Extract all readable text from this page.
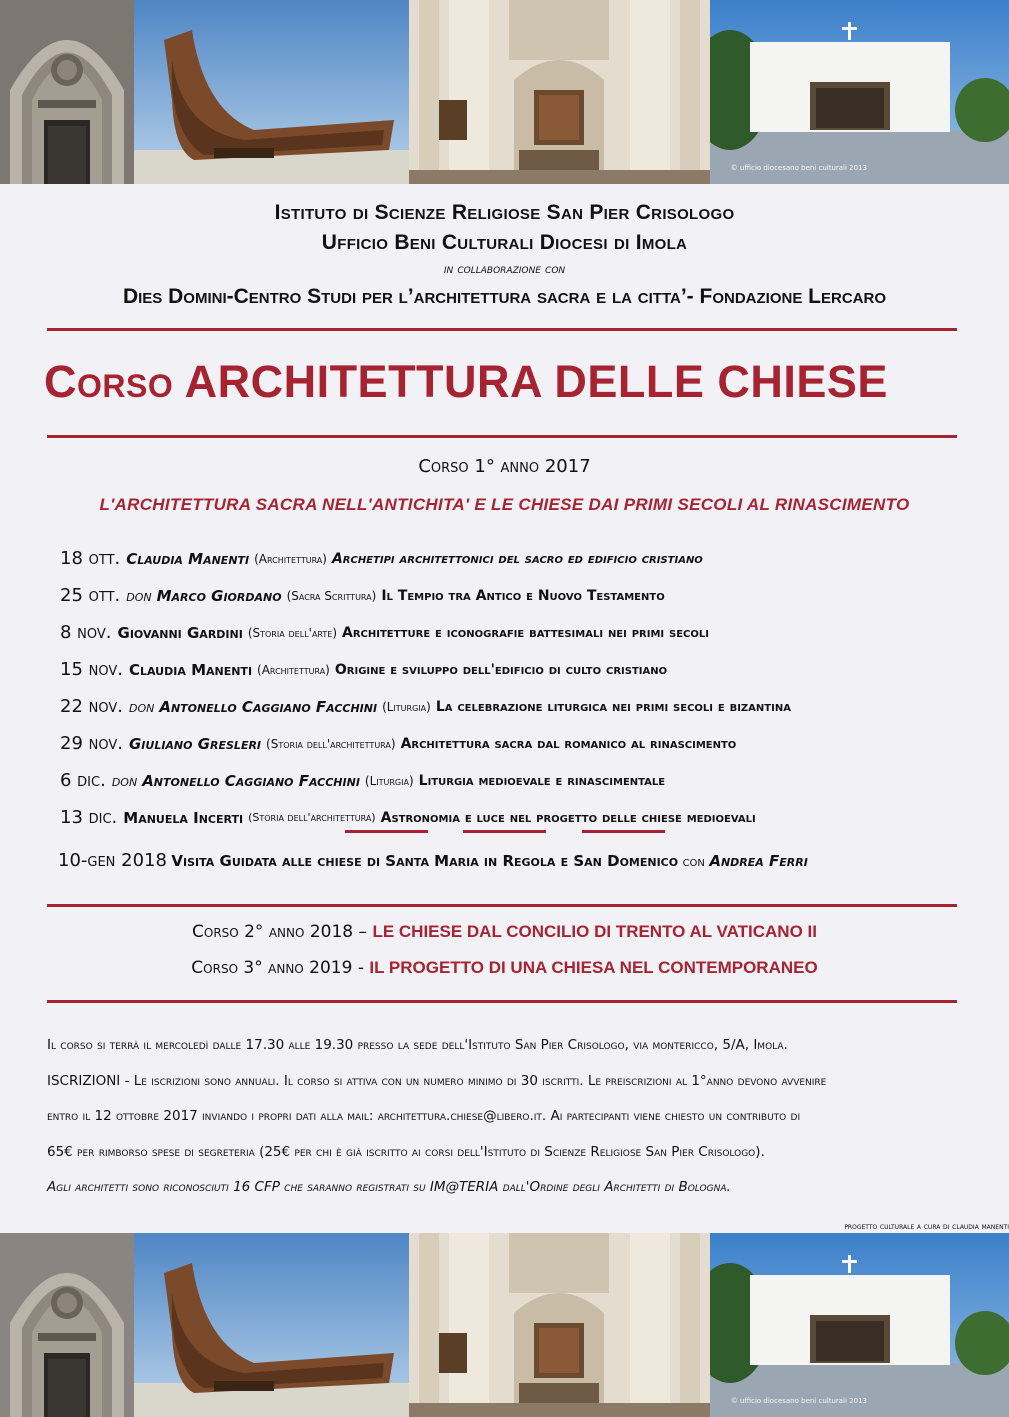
© ufficio diocesano beni culturali 2013
Istituto di Scienze Religiose San Pier Crisologo
Ufficio Beni Culturali Diocesi di Imola
in collaborazione con
Dies Domini-Centro Studi per l’architettura sacra e la citta’- Fondazione Lercaro
Corso ARCHITETTURA DELLE CHIESE
Corso 1° anno 2017
L'ARCHITETTURA SACRA NELL'ANTICHITA' E LE CHIESE DAI PRIMI SECOLI AL RINASCIMENTO
18 ott. Claudia Manenti (Architettura) Archetipi architettonici del sacro ed edificio cristiano
25 ott. don Marco Giordano (Sacra Scrittura) Il Tempio tra Antico e Nuovo Testamento
8 nov. Giovanni Gardini (Storia dell'arte) Architetture e iconografie battesimali nei primi secoli
15 nov. Claudia Manenti (Architettura) Origine e sviluppo dell'edificio di culto cristiano
22 nov. don Antonello Caggiano Facchini (Liturgia) La celebrazione liturgica nei primi secoli e bizantina
29 nov. Giuliano Gresleri (Storia dell'architettura) Architettura sacra dal romanico al rinascimento
6 dic. don Antonello Caggiano Facchini (Liturgia) Liturgia medioevale e rinascimentale
13 dic. Manuela Incerti (Storia dell'architettura) Astronomia e luce nel progetto delle chiese medioevali
10-gen 2018 Visita Guidata alle chiese di Santa Maria in Regola e San Domenico con Andrea Ferri
Corso 2° anno 2018 – LE CHIESE DAL CONCILIO DI TRENTO AL VATICANO II
Corso 3° anno 2019 - IL PROGETTO DI UNA CHIESA NEL CONTEMPORANEO
Il corso si terrà il mercoledì dalle 17.30 alle 19.30 presso la sede dell'Istituto San Pier Crisologo, via montericco, 5/A, Imola.
ISCRIZIONI - Le iscrizioni sono annuali. Il corso si attiva con un numero minimo di 30 iscritti. Le preiscrizioni al 1°anno devono avvenire
entro il 12 ottobre 2017 inviando i propri dati alla mail: architettura.chiese@libero.it. Ai partecipanti viene chiesto un contributo di
65€ per rimborso spese di segreteria (25€ per chi è già iscritto ai corsi dell'Istituto di Scienze Religiose San Pier Crisologo).
Agli architetti sono riconosciuti 16 CFP che saranno registrati su IM@TERIA dall'Ordine degli Architetti di Bologna.
progetto culturale a cura di claudia manenti
© ufficio diocesano beni culturali 2013
